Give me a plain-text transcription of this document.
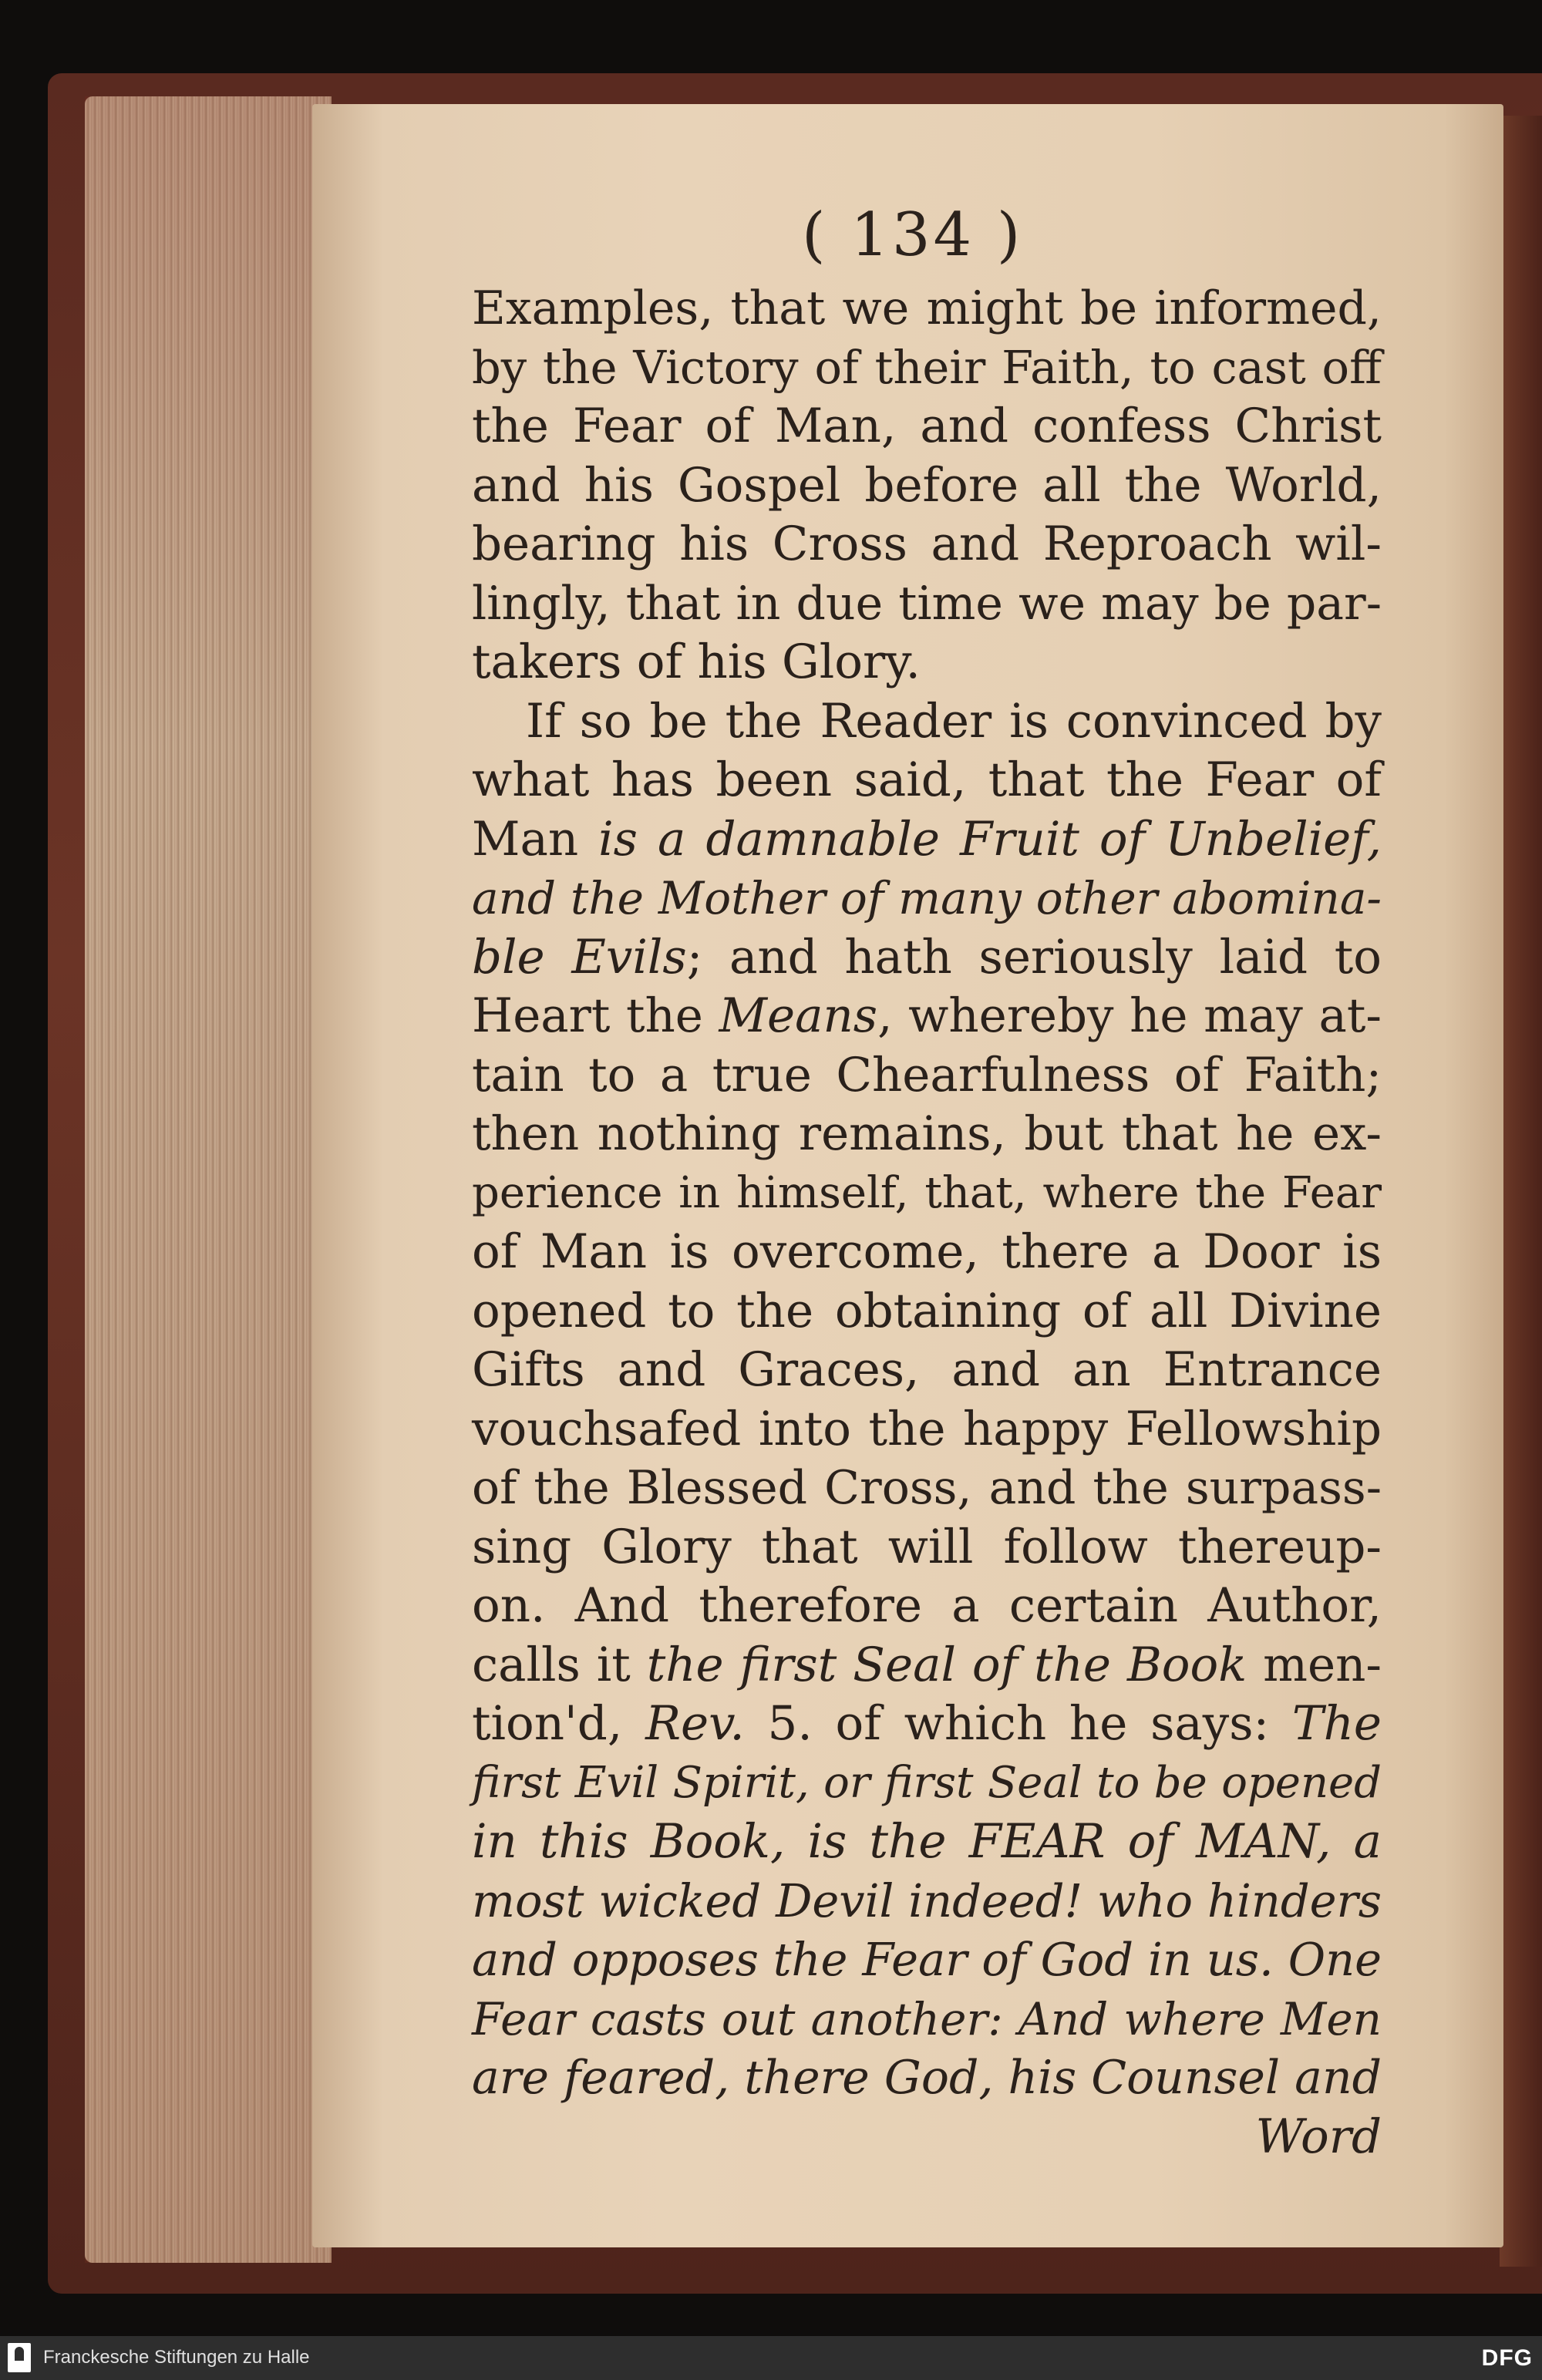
( 134 )
Examples, that we might be informed,
by the Victory of their Faith, to cast off
the Fear of Man, and confess Christ
and his Gospel before all the World,
bearing his Cross and Reproach wil-
lingly, that in due time we may be par-
takers of his Glory.
If so be the Reader is convinced by
what has been said, that the Fear of
Man is a damnable Fruit of Unbelief,
and the Mother of many other abomina-
ble Evils; and hath seriously laid to
Heart the Means, whereby he may at-
tain to a true Chearfulness of Faith;
then nothing remains, but that he ex-
perience in himself, that, where the Fear
of Man is overcome, there a Door is
opened to the obtaining of all Divine
Gifts and Graces, and an Entrance
vouchsafed into the happy Fellowship
of the Blessed Cross, and the surpass-
sing Glory that will follow thereup-
on. And therefore a certain Author,
calls it the first Seal of the Book men-
tion'd, Rev. 5. of which he says: The
first Evil Spirit, or first Seal to be opened
in this Book, is the FEAR of MAN, a
most wicked Devil indeed! who hinders
and opposes the Fear of God in us. One
Fear casts out another: And where Men
are feared, there God, his Counsel and
Word
Franckesche Stiftungen zu Halle	DFG
